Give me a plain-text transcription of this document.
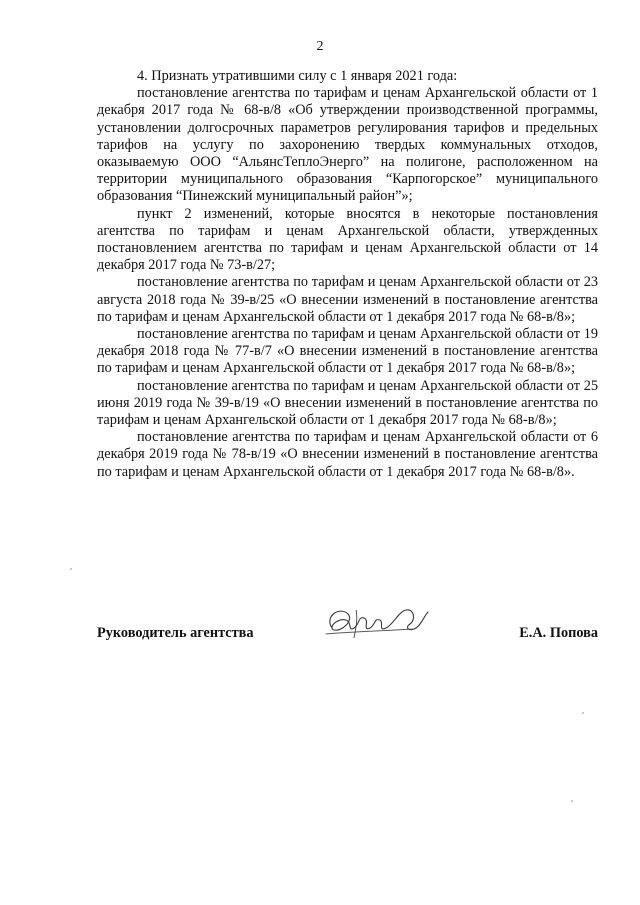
2

4. Признать утратившими силу с 1 января 2021 года:

постановление агентства по тарифам и ценам Архангельской области от 1 декабря 2017 года № 68-в/8 «Об утверждении производственной программы, установлении долгосрочных параметров регулирования тарифов и предельных тарифов на услугу по захоронению твердых коммунальных отходов, оказываемую ООО “АльянсТеплоЭнерго” на полигоне, расположенном на территории муниципального образования “Карпогорское” муниципального образования “Пинежский муниципальный район”»;

пункт 2 изменений, которые вносятся в некоторые постановления агентства по тарифам и ценам Архангельской области, утвержденных постановлением агентства по тарифам и ценам Архангельской области от 14 декабря 2017 года № 73-в/27;

постановление агентства по тарифам и ценам Архангельской области от 23 августа 2018 года № 39-в/25 «О внесении изменений в постановление агентства по тарифам и ценам Архангельской области от 1 декабря 2017 года № 68-в/8»;

постановление агентства по тарифам и ценам Архангельской области от 19 декабря 2018 года № 77-в/7 «О внесении изменений в постановление агентства по тарифам и ценам Архангельской области от 1 декабря 2017 года № 68-в/8»;

постановление агентства по тарифам и ценам Архангельской области от 25 июня 2019 года № 39-в/19 «О внесении изменений в постановление агентства по тарифам и ценам Архангельской области от 1 декабря 2017 года № 68-в/8»;

постановление агентства по тарифам и ценам Архангельской области от 6 декабря 2019 года № 78-в/19 «О внесении изменений в постановление агентства по тарифам и ценам Архангельской области от 1 декабря 2017 года № 68-в/8».

Руководитель агентства	Е.А. Попова
